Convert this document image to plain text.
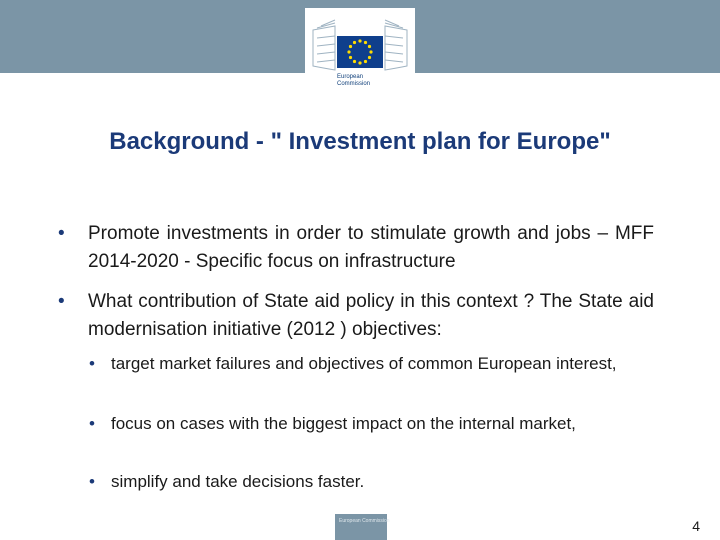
European
Commission
Background - " Investment plan for Europe"
• Promote investments in order to stimulate growth and jobs – MFF 2014-2020 - Specific focus on infrastructure
• What contribution of State aid policy in this context ? The State aid modernisation initiative (2012 ) objectives:
• target market failures and objectives of common European interest,
• focus on cases with the biggest impact on the internal market,
• simplify and take decisions faster.
European Commission	4
